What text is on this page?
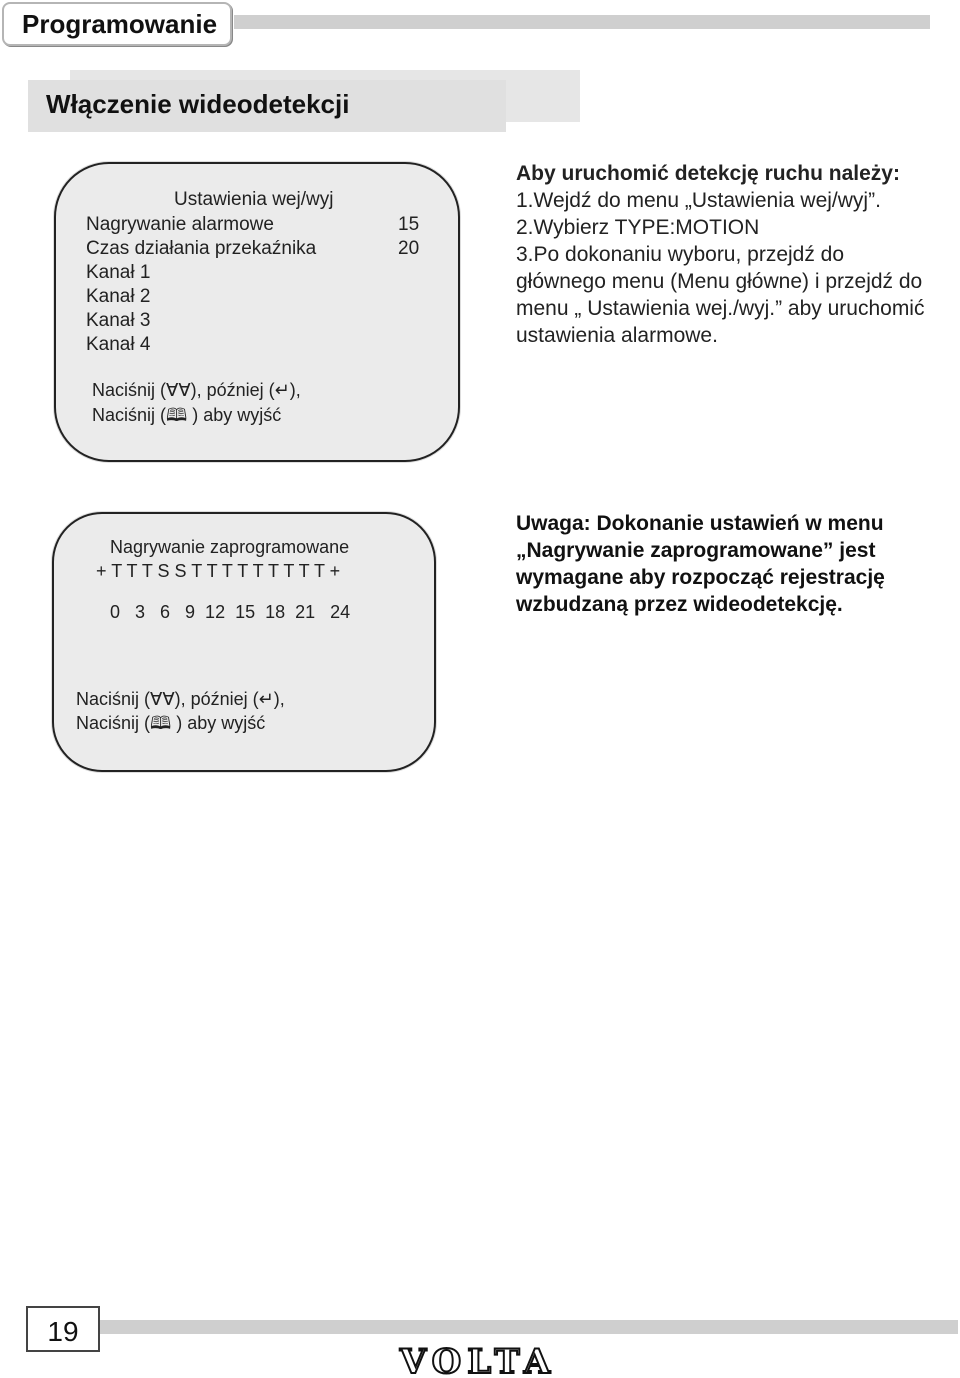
Programowanie
Włączenie wideodetekcji
Ustawienia wej/wyj
Nagrywanie alarmowe	15
Czas działania przekaźnika	20
Kanał 1
Kanał 2
Kanał 3
Kanał 4
Naciśnij (ⱯⱯ), później (↵),
Naciśnij (🕮 ) aby wyjść
Aby uruchomić detekcję ruchu należy:
1.Wejdź do menu „Ustawienia wej/wyj”.
2.Wybierz TYPE:MOTION
3.Po dokonaniu wyboru, przejdź do głównego menu (Menu główne) i przejdź do menu „ Ustawienia wej./wyj.” aby uruchomić ustawienia alarmowe.
Nagrywanie zaprogramowane
+ T T T S S T T T T T T T T T +
0   3   6   9  12  15  18  21   24
Naciśnij (ⱯⱯ), później (↵),
Naciśnij (🕮 ) aby wyjść
Uwaga: Dokonanie ustawień w menu „Nagrywanie zaprogramowane” jest wymagane aby rozpocząć rejestrację wzbudzaną przez wideodetekcję.
19
VOLTA
